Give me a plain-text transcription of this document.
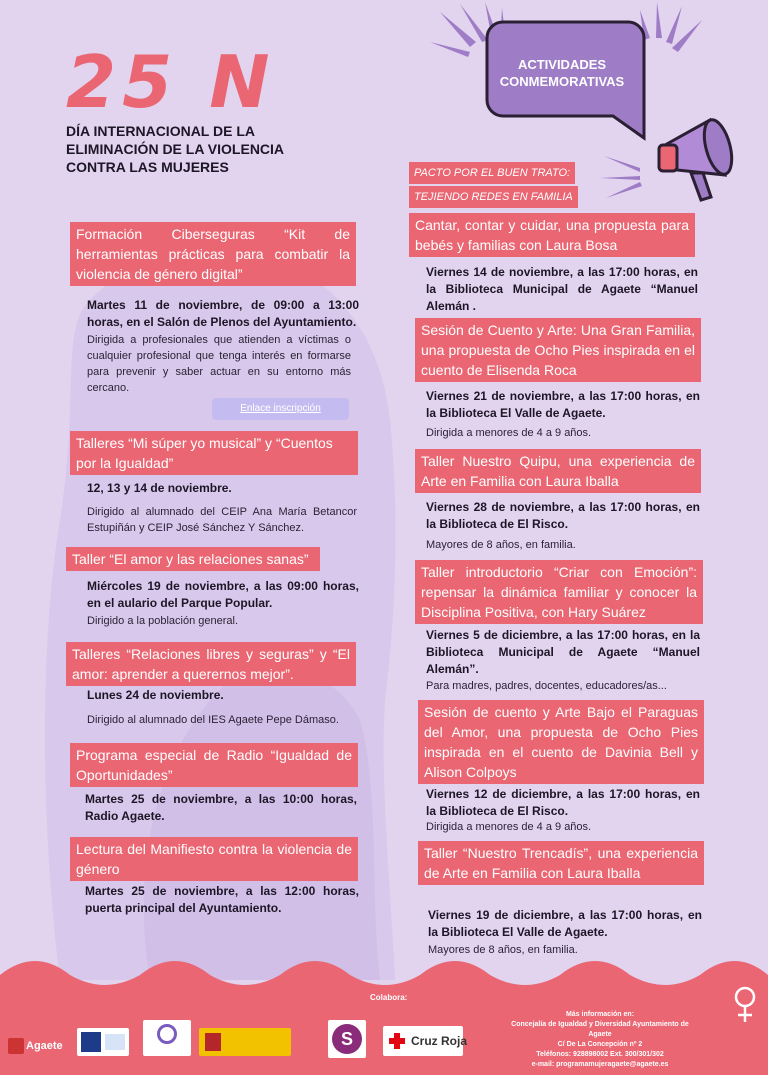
25 N
DÍA INTERNACIONAL DE LA ELIMINACIÓN DE LA VIOLENCIA CONTRA LAS MUJERES
ACTIVIDADES CONMEMORATIVAS
Formación Ciberseguras “Kit de herramientas prácticas para combatir la violencia de género digital”
Martes 11 de noviembre, de 09:00 a 13:00 horas, en el Salón de Plenos del Ayuntamiento.
Dirigida a profesionales que atienden a víctimas o cualquier profesional que tenga interés en formarse para prevenir y saber actuar en su entorno más cercano.
Enlace inscripción
Talleres “Mi súper yo musical” y “Cuentos por la Igualdad”
12, 13 y 14 de noviembre.
Dirigido al alumnado del CEIP Ana María Betancor Estupiñán y CEIP José Sánchez Y Sánchez.
Taller “El amor y las relaciones sanas”
Miércoles 19 de noviembre, a las 09:00 horas, en el aulario del Parque Popular.
Dirigido a la población general.
Talleres “Relaciones libres y seguras” y “El amor: aprender a querernos mejor”.
Lunes 24 de noviembre.
Dirigido al alumnado del IES Agaete Pepe Dámaso.
Programa especial de Radio “Igualdad de Oportunidades”
Martes 25 de noviembre, a las 10:00 horas, Radio Agaete.
Lectura del Manifiesto contra la violencia de género
Martes 25 de noviembre, a las 12:00 horas, puerta principal del Ayuntamiento.
PACTO POR EL BUEN TRATO:
TEJIENDO REDES EN FAMILIA
Cantar, contar y cuidar, una propuesta para bebés y familias con Laura Bosa
Viernes 14 de noviembre, a las 17:00 horas, en la Biblioteca Municipal de Agaete “Manuel Alemán .
Sesión de Cuento y Arte: Una Gran Familia, una propuesta de Ocho Pies inspirada en el cuento de Elisenda Roca
Viernes 21 de noviembre, a las 17:00 horas, en la Biblioteca El Valle de Agaete.
Dirigida a menores de 4 a 9 años.
Taller Nuestro Quipu, una experiencia de Arte en Familia con Laura Iballa
Viernes 28 de noviembre, a las 17:00 horas, en la Biblioteca de El Risco.
Mayores de 8 años, en familia.
Taller introductorio “Criar con Emoción”: repensar la dinámica familiar y conocer la Disciplina Positiva, con Hary Suárez
Viernes 5 de diciembre, a las 17:00 horas, en la Biblioteca Municipal de Agaete “Manuel Alemán”.
Para madres, padres, docentes, educadores/as...
Sesión de cuento y Arte Bajo el Paraguas del Amor, una propuesta de Ocho Pies inspirada en el cuento de Davinia Bell y Alison Colpoys
Viernes 12 de diciembre, a las 17:00 horas, en la Biblioteca de El Risco.
Dirigida a menores de 4 a 9 años.
Taller “Nuestro Trencadís”, una experiencia de Arte en Familia con Laura Iballa
Viernes 19 de diciembre, a las 17:00 horas, en la Biblioteca El Valle de Agaete.
Mayores de 8 años, en familia.
Colabora:
Más información en:
Concejalía de Igualdad y Diversidad Ayuntamiento de Agaete
C/ De La Concepción nº 2
Teléfonos: 928898002 Ext. 300/301/302
e-mail: programamujeragaete@agaete.es
Agaete	S	Cruz Roja
